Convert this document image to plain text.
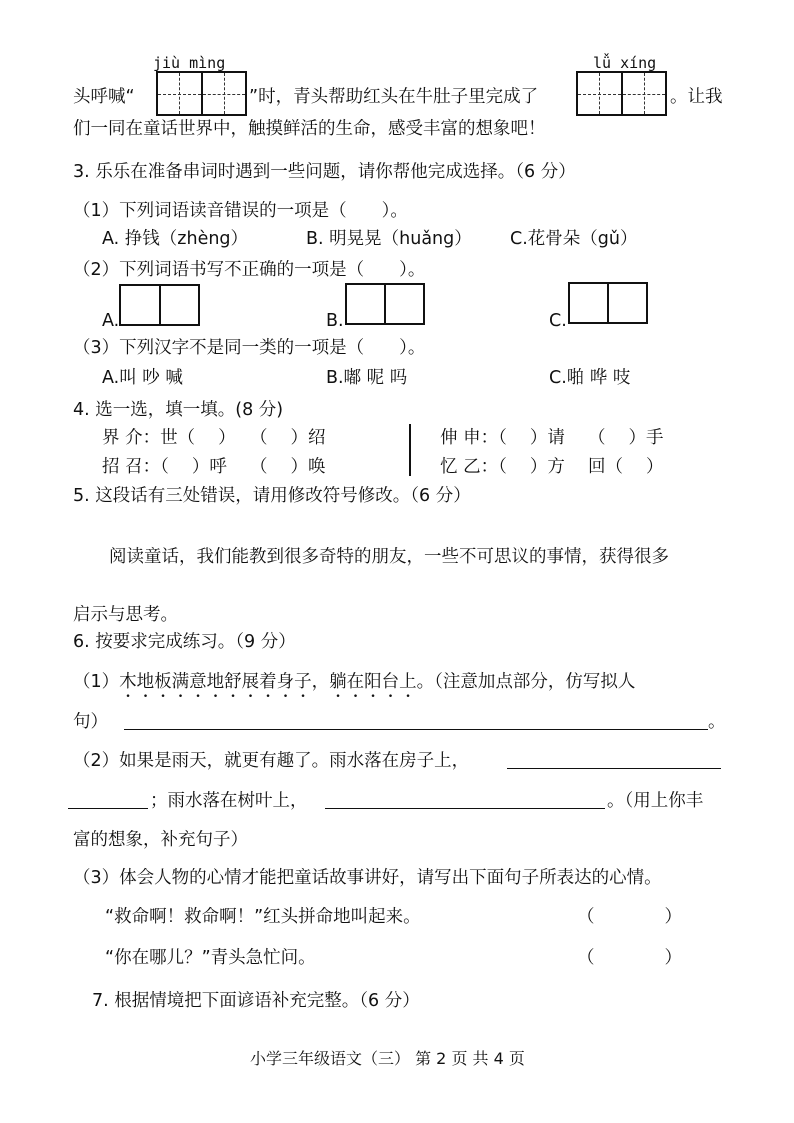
jiù mìng	lǚ xíng
头呼喊“	”时，青头帮助红头在牛肚子里完成了	。让我
们一同在童话世界中，触摸鲜活的生命，感受丰富的想象吧！
3. 乐乐在准备串词时遇到一些问题，请你帮他完成选择。（6 分）
（1）下列词语读音错误的一项是（　　）。
A. 挣钱（zhèng）	B. 明晃晃（huǎng） C.花骨朵（gǔ）
（2）下列词语书写不正确的一项是（　　）。
A.	B.	C.
（3）下列汉字不是同一类的一项是（　　）。
A.叫 吵 喊	B.嘟 呢 吗	C.啪 哗 吱
4. 选一选，填一填。(8 分)
界 介：世（　 ）　 （　 ）绍
招 召：（　 ）呼　 （　 ）唤
伸 申：（　 ）请　 （　 ）手
忆 乙：（　 ）方　 回（　 ）
5. 这段话有三处错误，请用修改符号修改。（6 分）
阅读童话，我们能教到很多奇特的朋友，一些不可思议的事情，获得很多
启示与思考。
6. 按要求完成练习。（9 分）
（1）木地板满意地舒展着身子，躺在阳台上。（注意加点部分，仿写拟人
句）	。
（2）如果是雨天，就更有趣了。雨水落在房子上，
；雨水落在树叶上，	。（用上你丰
富的想象，补充句子）
（3）体会人物的心情才能把童话故事讲好，请写出下面句子所表达的心情。
“救命啊！救命啊！”红头拼命地叫起来。	（　　　　）
“你在哪儿？”青头急忙问。	（　　　　）
7. 根据情境把下面谚语补充完整。（6 分）
小学三年级语文（三） 第 2 页 共 4 页
